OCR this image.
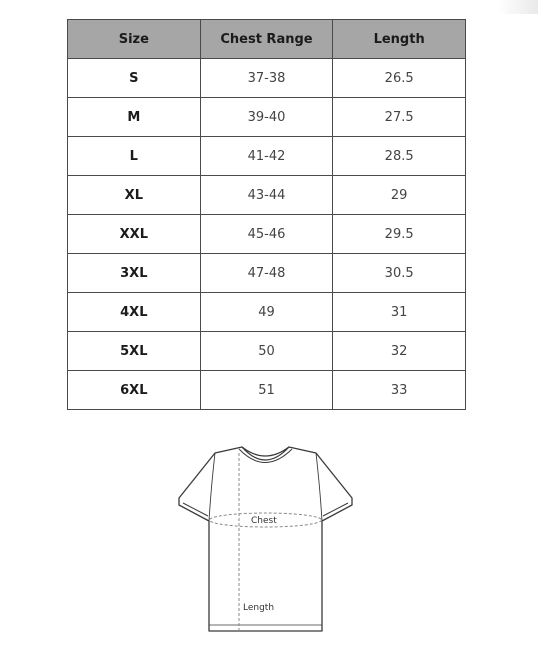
Size	Chest Range	Length
S	37-38	26.5
M	39-40	27.5
L	41-42	28.5
XL	43-44	29
XXL	45-46	29.5
3XL	47-48	30.5
4XL	49	31
5XL	50	32
6XL	51	33
Chest
Length
